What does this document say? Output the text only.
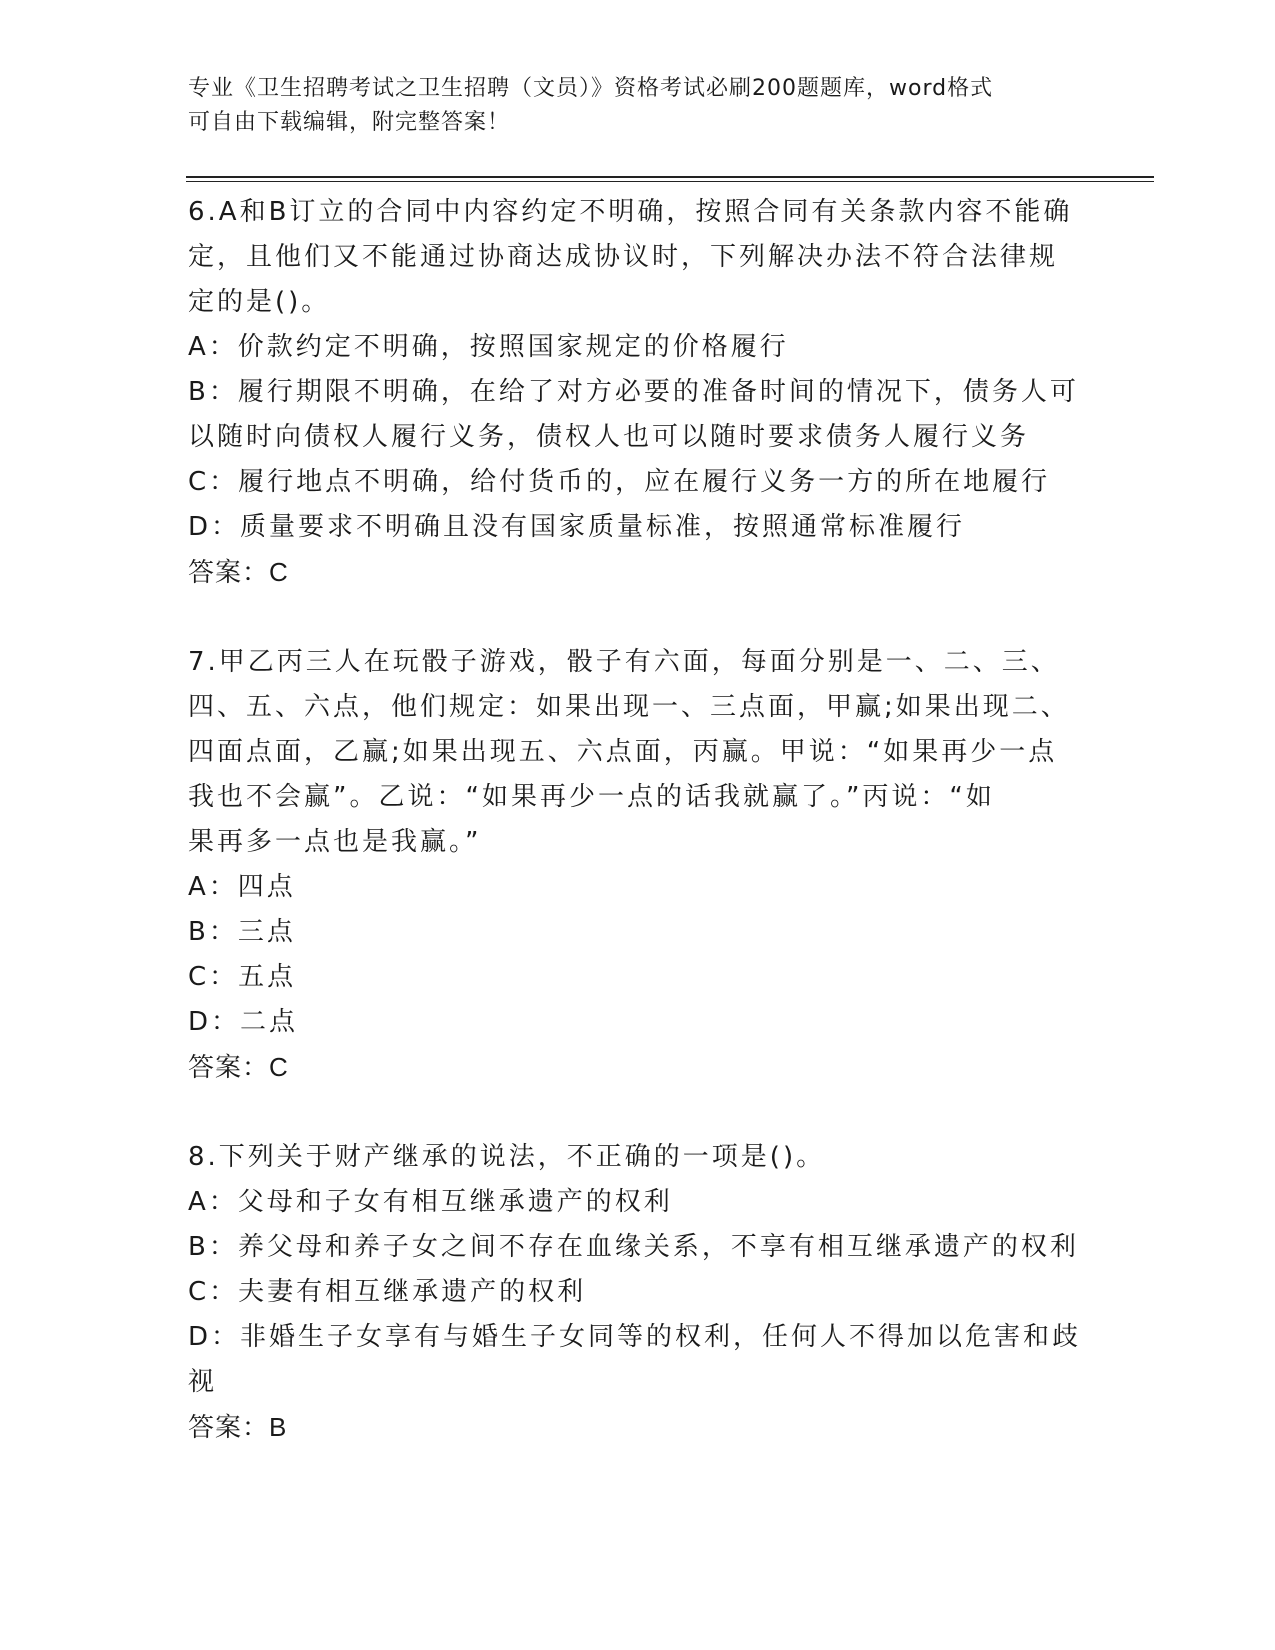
专业《卫生招聘考试之卫生招聘（文员）》资格考试必刷200题题库，word格式
可自由下载编辑，附完整答案！
6.A和B订立的合同中内容约定不明确，按照合同有关条款内容不能确
定，且他们又不能通过协商达成协议时，下列解决办法不符合法律规
定的是()。
A：价款约定不明确，按照国家规定的价格履行
B：履行期限不明确，在给了对方必要的准备时间的情况下，债务人可
以随时向债权人履行义务，债权人也可以随时要求债务人履行义务
C：履行地点不明确，给付货币的，应在履行义务一方的所在地履行
D：质量要求不明确且没有国家质量标准，按照通常标准履行
答案：C
7.甲乙丙三人在玩骰子游戏，骰子有六面，每面分别是一、二、三、
四、五、六点，他们规定：如果出现一、三点面，甲赢;如果出现二、
四面点面，乙赢;如果出现五、六点面，丙赢。甲说：“如果再少一点
我也不会赢”。乙说：“如果再少一点的话我就赢了。”丙说：“如
果再多一点也是我赢。”
A：四点
B：三点
C：五点
D：二点
答案：C
8.下列关于财产继承的说法，不正确的一项是()。
A：父母和子女有相互继承遗产的权利
B：养父母和养子女之间不存在血缘关系，不享有相互继承遗产的权利
C：夫妻有相互继承遗产的权利
D：非婚生子女享有与婚生子女同等的权利，任何人不得加以危害和歧
视
答案：B
